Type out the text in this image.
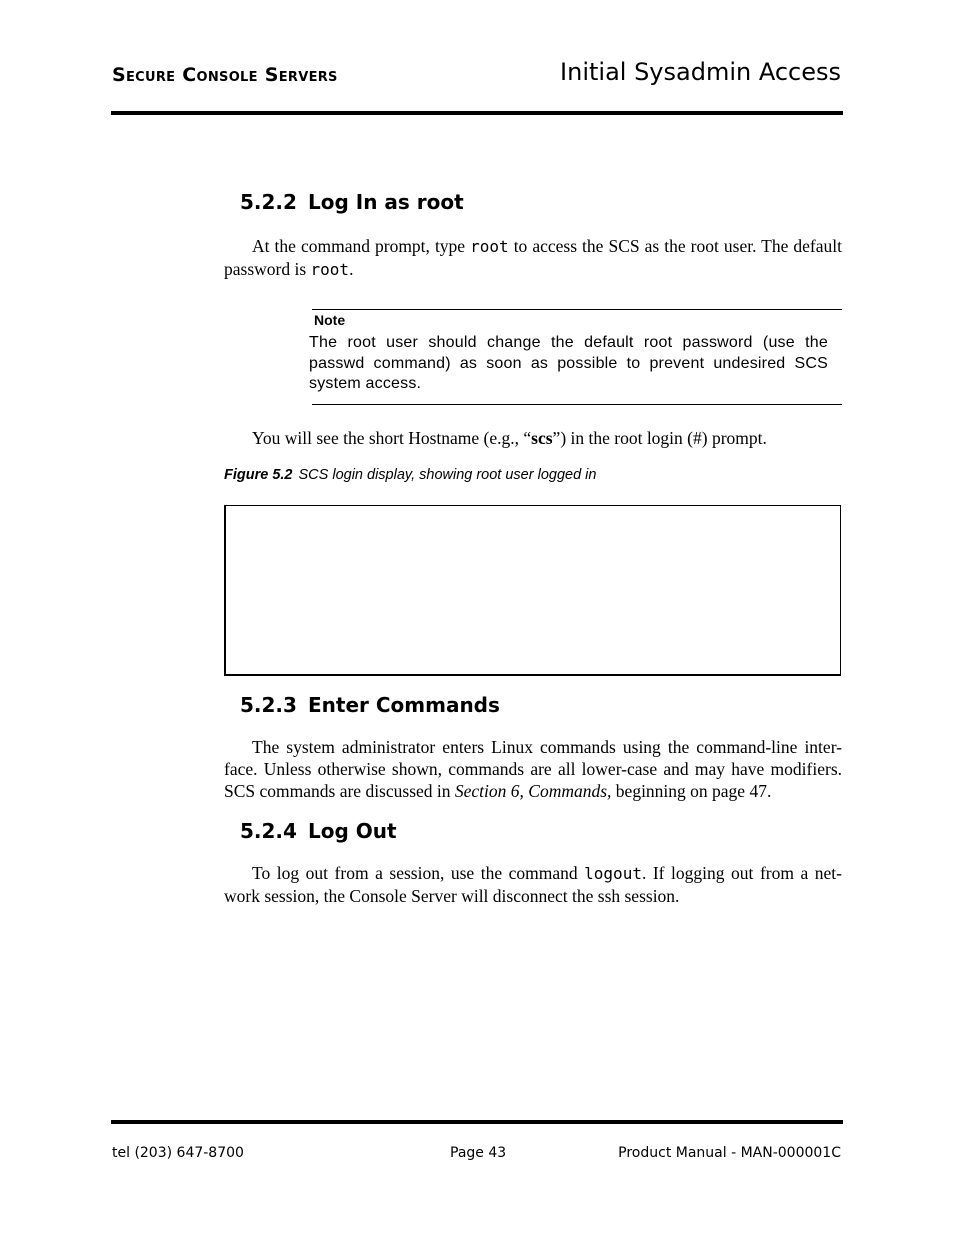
Secure Console Servers	Initial Sysadmin Access
5.2.2 Log In as root
At the command prompt, type root to access the SCS as the root user. The default password is root.
Note
The root user should change the default root password (use the passwd command) as soon as possible to prevent undesired SCS system access.
You will see the short Hostname (e.g., “scs”) in the root login (#) prompt.
Figure 5.2 SCS login display, showing root user logged in
5.2.3 Enter Commands
The system administrator enters Linux commands using the command-line inter-face. Unless otherwise shown, commands are all lower-case and may have modifiers. SCS commands are discussed in Section 6, Commands, beginning on page 47.
5.2.4 Log Out
To log out from a session, use the command logout. If logging out from a net-work session, the Console Server will disconnect the ssh session.
tel (203) 647-8700	Page 43	Product Manual - MAN-000001C
